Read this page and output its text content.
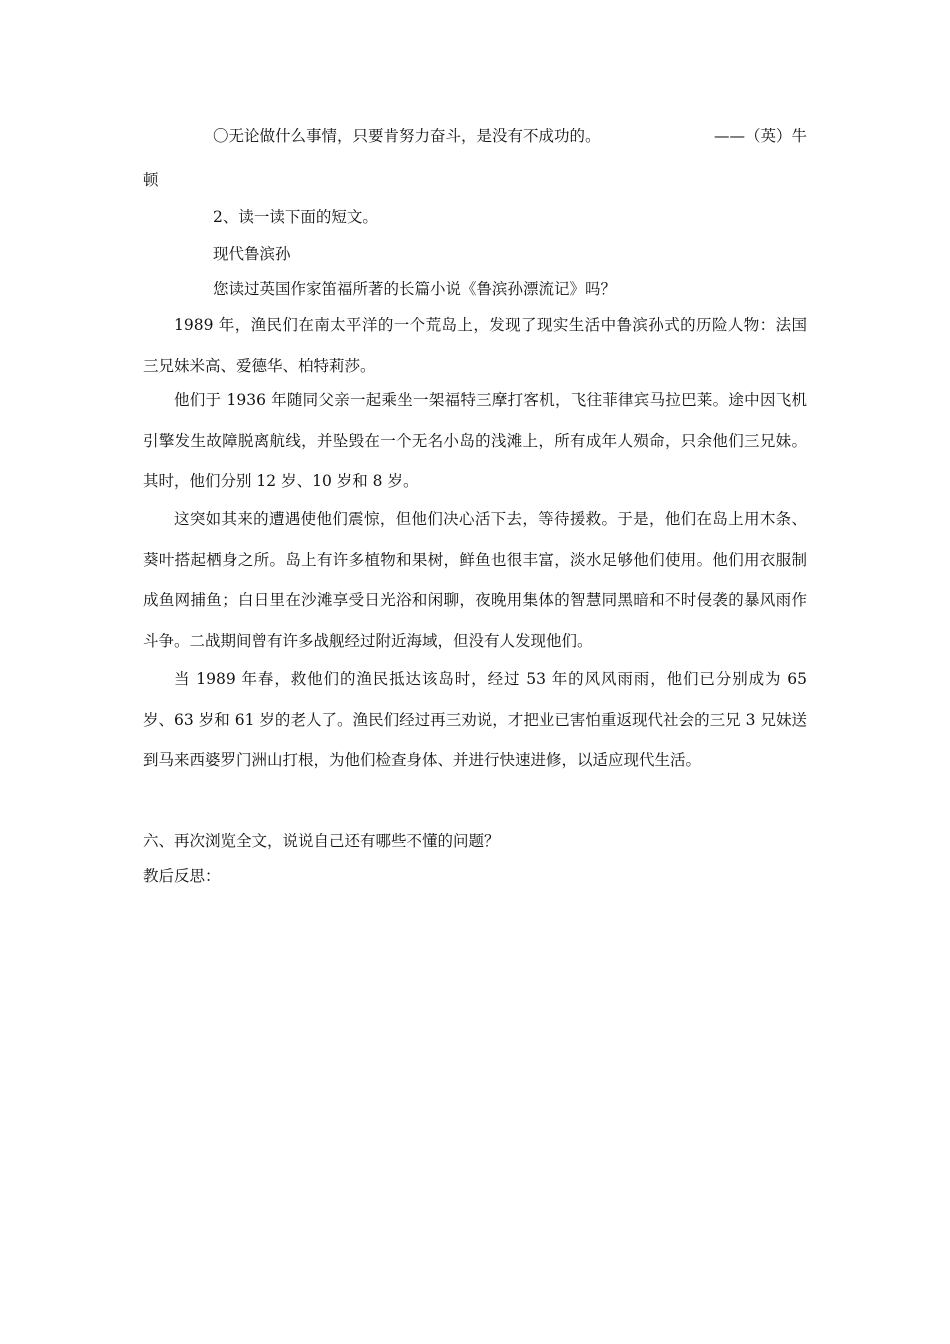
〇无论做什么事情，只要肯努力奋斗，是没有不成功的。	——（英）牛
顿
2、读一读下面的短文。
现代鲁滨孙
您读过英国作家笛福所著的长篇小说《鲁滨孙漂流记》吗？
1989 年，渔民们在南太平洋的一个荒岛上，发现了现实生活中鲁滨孙式的历险人物：法国三兄妹米高、爱德华、柏特莉莎。
他们于 1936 年随同父亲一起乘坐一架福特三摩打客机，飞往菲律宾马拉巴莱。途中因飞机引擎发生故障脱离航线，并坠毁在一个无名小岛的浅滩上，所有成年人殒命，只余他们三兄妹。其时，他们分别 12 岁、10 岁和 8 岁。
这突如其来的遭遇使他们震惊，但他们决心活下去，等待援救。于是，他们在岛上用木条、葵叶搭起栖身之所。岛上有许多植物和果树，鲜鱼也很丰富，淡水足够他们使用。他们用衣服制成鱼网捕鱼；白日里在沙滩享受日光浴和闲聊，夜晚用集体的智慧同黑暗和不时侵袭的暴风雨作斗争。二战期间曾有许多战舰经过附近海域，但没有人发现他们。
当 1989 年春，救他们的渔民抵达该岛时，经过 53 年的风风雨雨，他们已分别成为 65 岁、63 岁和 61 岁的老人了。渔民们经过再三劝说，才把业已害怕重返现代社会的三兄 3 兄妹送到马来西婆罗门洲山打根，为他们检查身体、并进行快速进修，以适应现代生活。
六、再次浏览全文，说说自己还有哪些不懂的问题？
教后反思：
